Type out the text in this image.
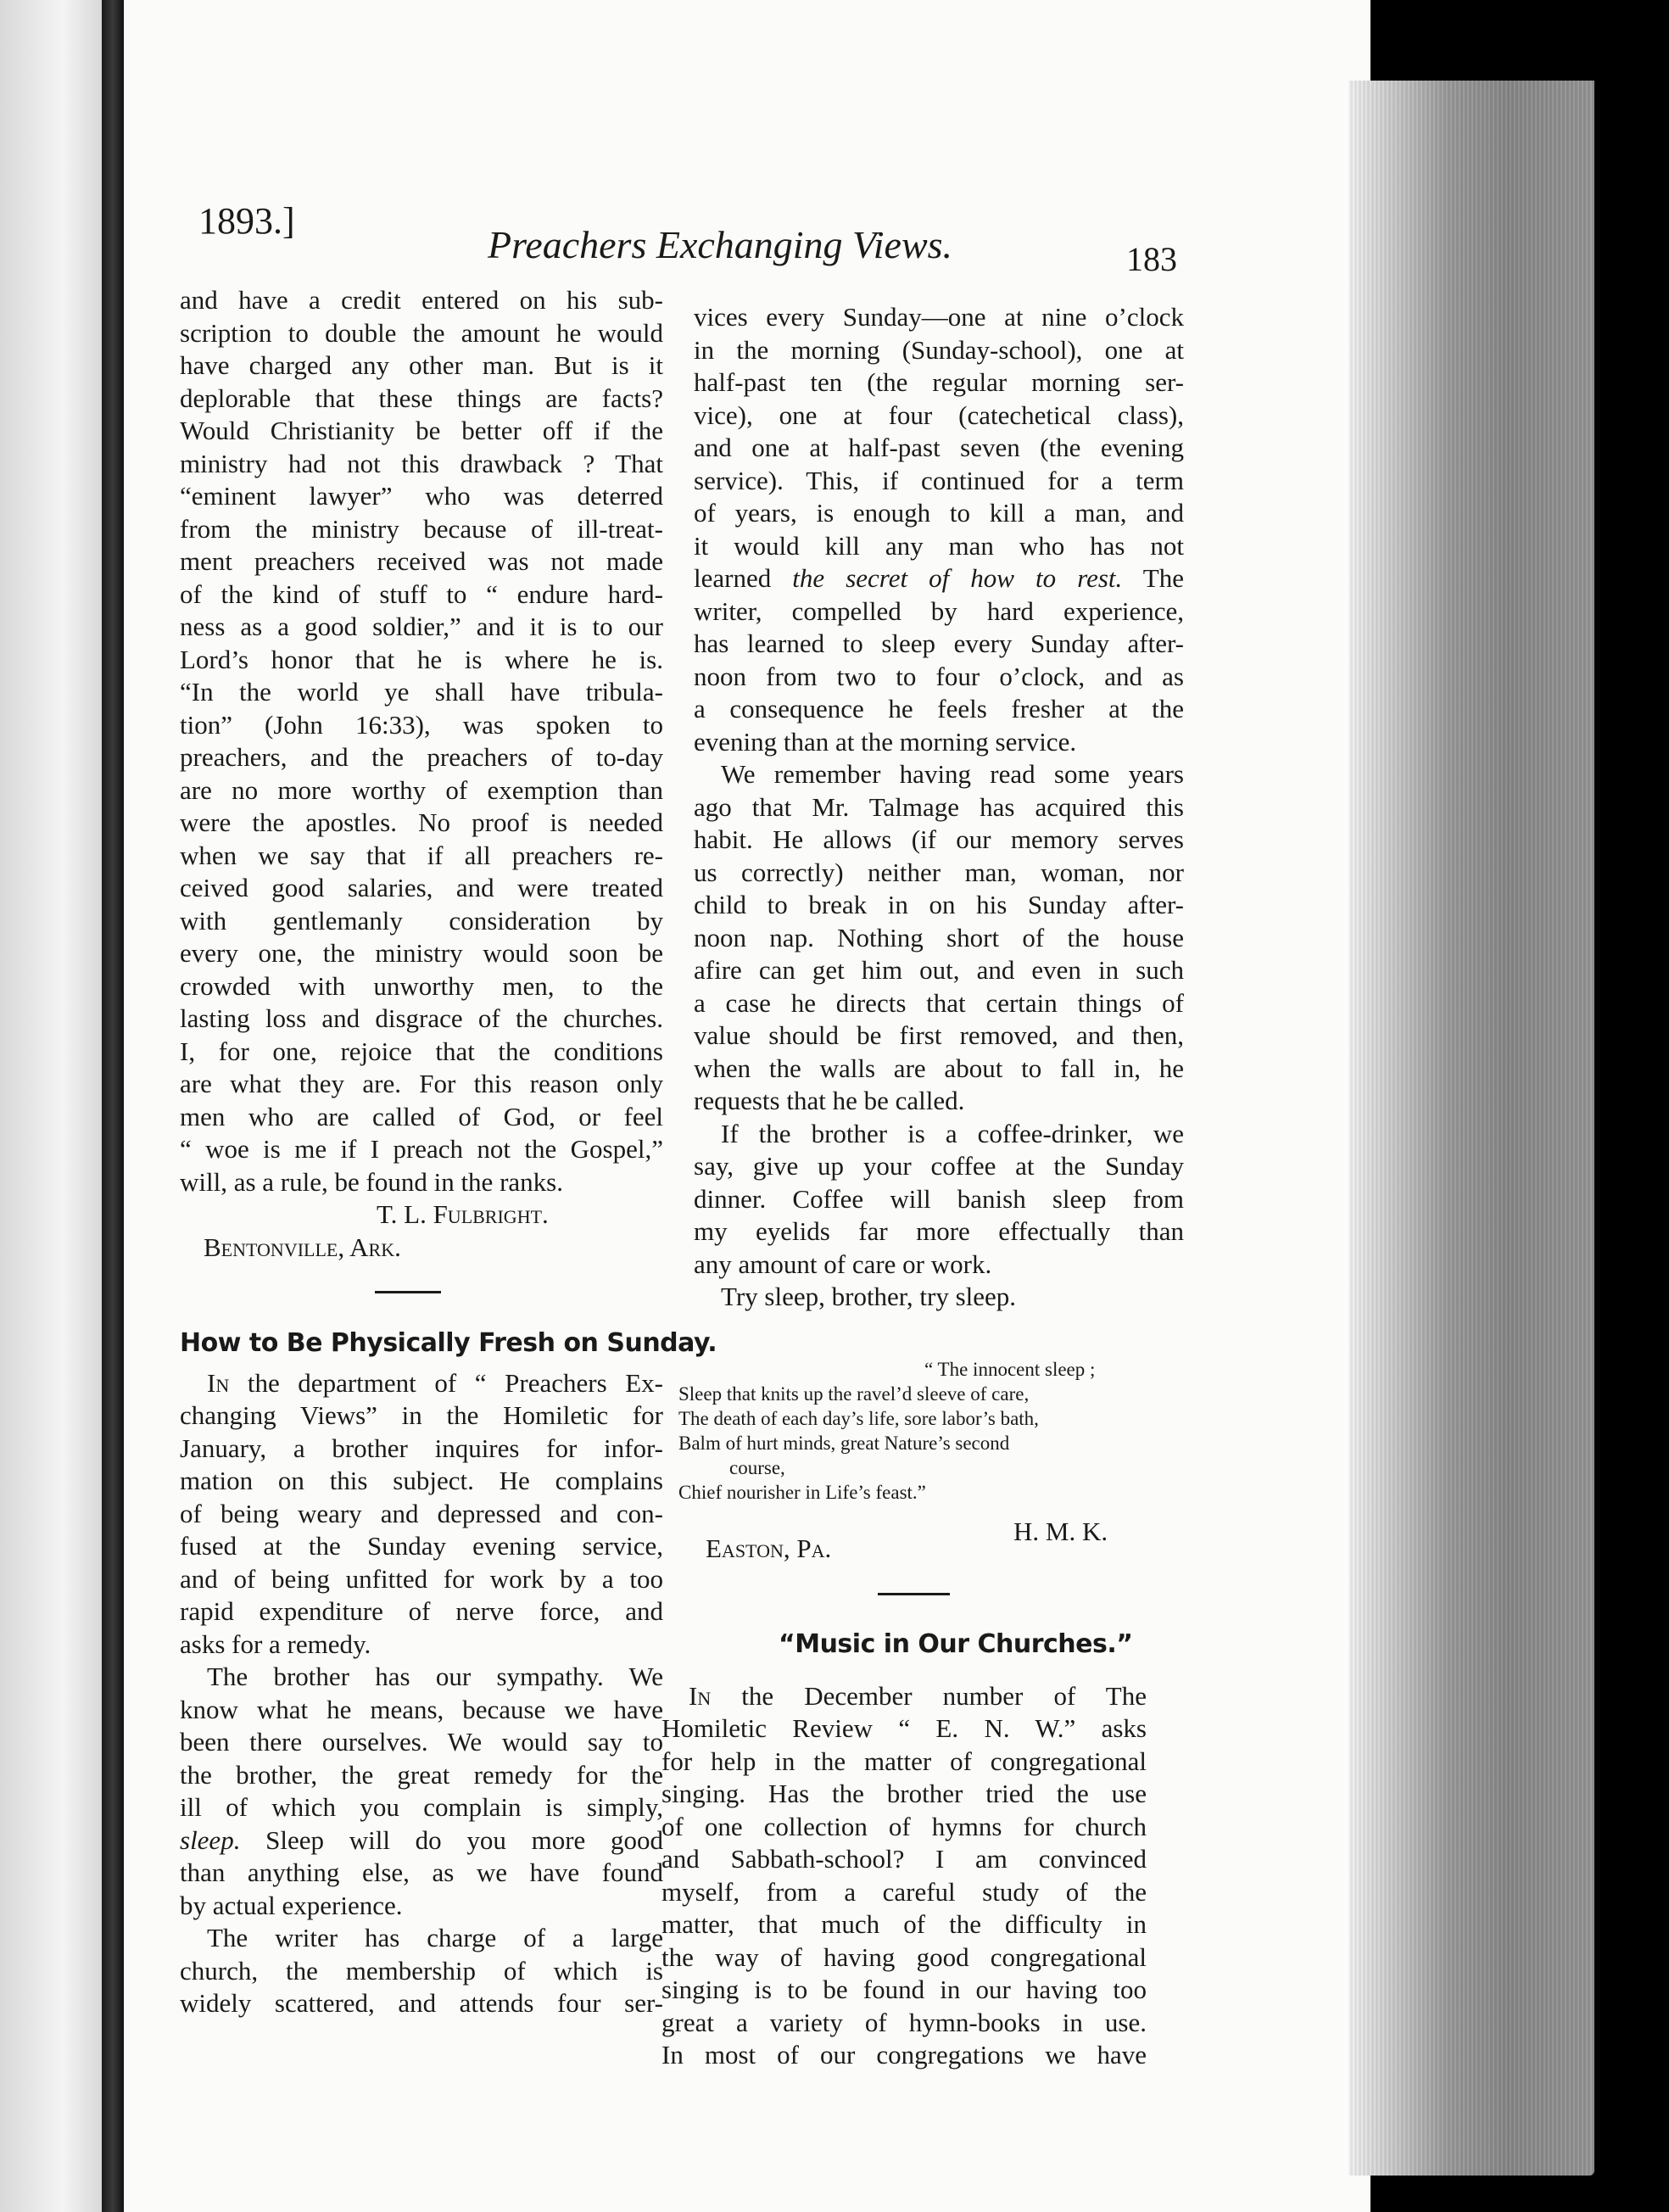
1893.]
Preachers Exchanging Views.	183
and have a credit entered on his sub-
scription to double the amount he would
have charged any other man. But is it
deplorable that these things are facts?
Would Christianity be better off if the
ministry had not this drawback ? That
“eminent lawyer” who was deterred
from the ministry because of ill-treat-
ment preachers received was not made
of the kind of stuff to “ endure hard-
ness as a good soldier,” and it is to our
Lord’s honor that he is where he is.
“In the world ye shall have tribula-
tion” (John 16:33), was spoken to
preachers, and the preachers of to-day
are no more worthy of exemption than
were the apostles. No proof is needed
when we say that if all preachers re-
ceived good salaries, and were treated
with gentlemanly consideration by
every one, the ministry would soon be
crowded with unworthy men, to the
lasting loss and disgrace of the churches.
I, for one, rejoice that the conditions
are what they are. For this reason only
men who are called of God, or feel
“ woe is me if I preach not the Gospel,”
will, as a rule, be found in the ranks.
T. L. Fulbright.
Bentonville, Ark.
How to Be Physically Fresh on Sunday.
In the department of “ Preachers Ex-
changing Views” in the Homiletic for
January, a brother inquires for infor-
mation on this subject. He complains
of being weary and depressed and con-
fused at the Sunday evening service,
and of being unfitted for work by a too
rapid expenditure of nerve force, and
asks for a remedy.
The brother has our sympathy. We
know what he means, because we have
been there ourselves. We would say to
the brother, the great remedy for the
ill of which you complain is simply,
sleep. Sleep will do you more good
than anything else, as we have found
by actual experience.
The writer has charge of a large
church, the membership of which is
widely scattered, and attends four ser-
vices every Sunday—one at nine o’clock
in the morning (Sunday-school), one at
half-past ten (the regular morning ser-
vice), one at four (catechetical class),
and one at half-past seven (the evening
service). This, if continued for a term
of years, is enough to kill a man, and
it would kill any man who has not
learned the secret of how to rest. The
writer, compelled by hard experience,
has learned to sleep every Sunday after-
noon from two to four o’clock, and as
a consequence he feels fresher at the
evening than at the morning service.
We remember having read some years
ago that Mr. Talmage has acquired this
habit. He allows (if our memory serves
us correctly) neither man, woman, nor
child to break in on his Sunday after-
noon nap. Nothing short of the house
afire can get him out, and even in such
a case he directs that certain things of
value should be first removed, and then,
when the walls are about to fall in, he
requests that he be called.
If the brother is a coffee-drinker, we
say, give up your coffee at the Sunday
dinner. Coffee will banish sleep from
my eyelids far more effectually than
any amount of care or work.
Try sleep, brother, try sleep.
“ The innocent sleep ;
Sleep that knits up the ravel’d sleeve of care,
The death of each day’s life, sore labor’s bath,
Balm of hurt minds, great Nature’s second
course,
Chief nourisher in Life’s feast.”
H. M. K.
Easton, Pa.
“Music in Our Churches.”
In the December number of The
Homiletic Review “ E. N. W.” asks
for help in the matter of congregational
singing. Has the brother tried the use
of one collection of hymns for church
and Sabbath-school? I am convinced
myself, from a careful study of the
matter, that much of the difficulty in
the way of having good congregational
singing is to be found in our having too
great a variety of hymn-books in use.
In most of our congregations we have
